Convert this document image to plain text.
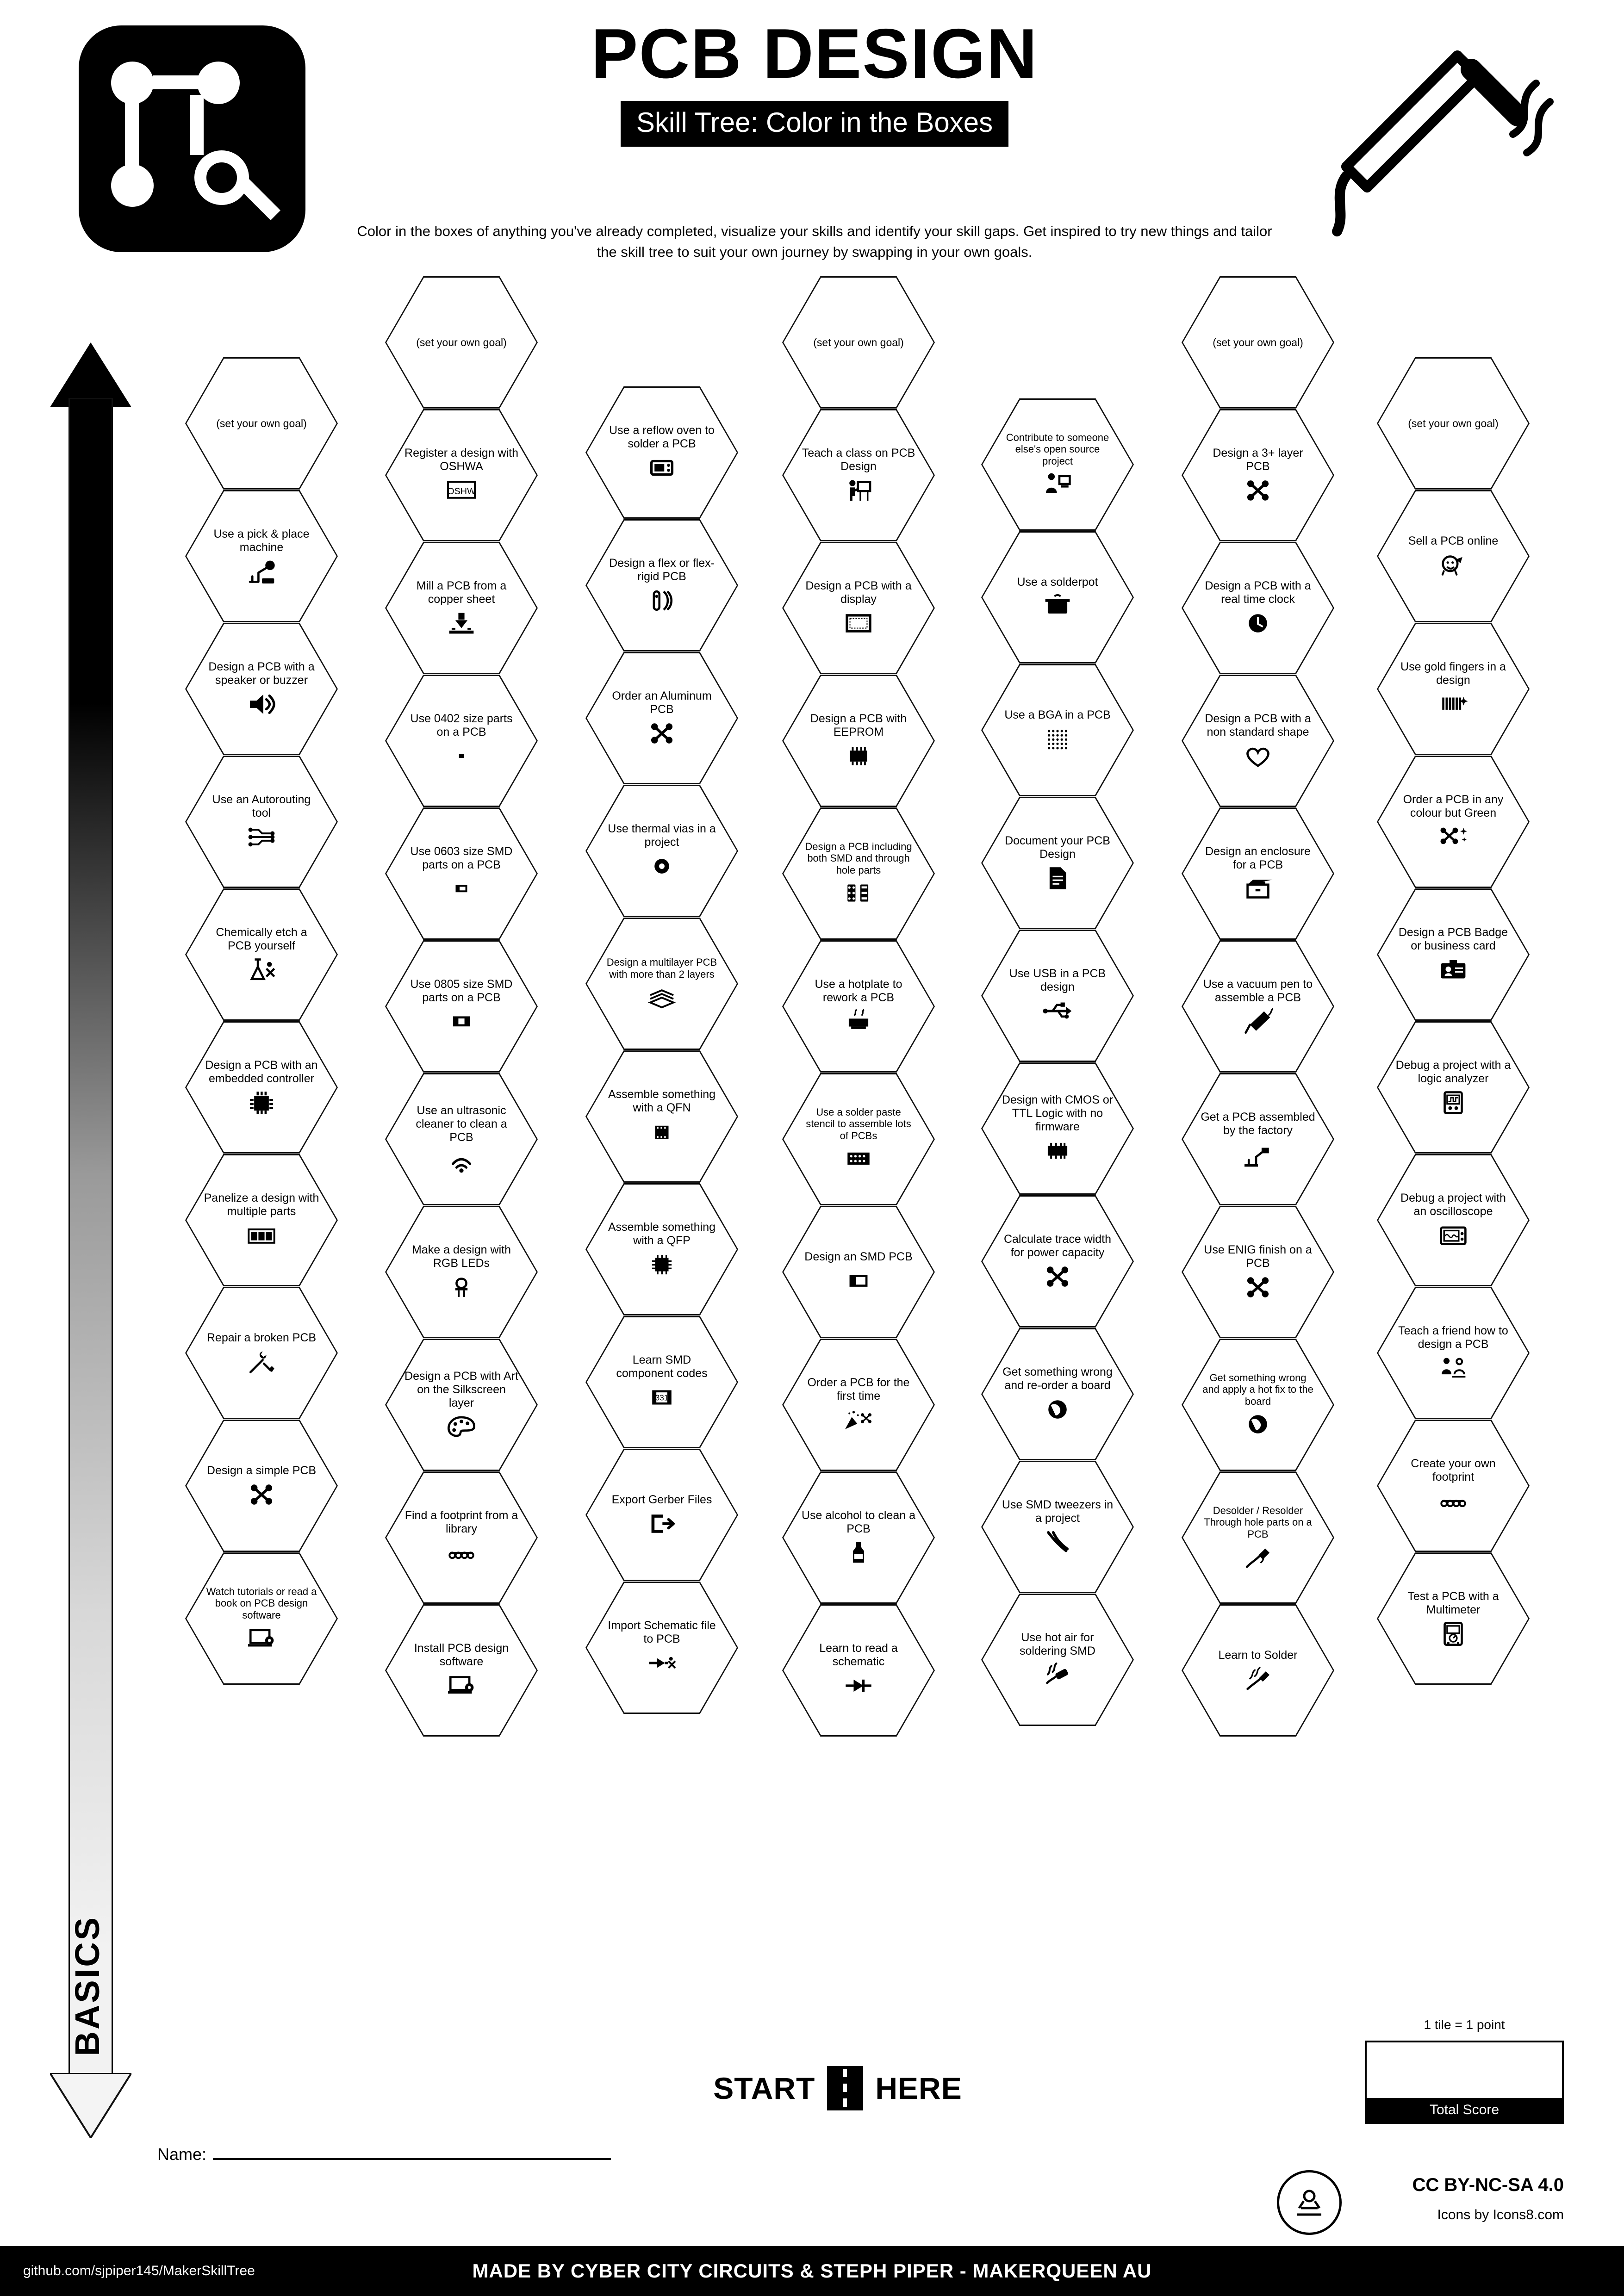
PCB DESIGN
Skill Tree: Color in the Boxes
Color in the boxes of anything you've already completed, visualize your skills and identify your skill gaps. Get inspired to try new things and tailor the skill tree to suit your own journey by swapping in your own goals.
ADVANCED
BASICS
(set your own goal)
Use a pick & place machine
Design a PCB with a speaker or buzzer
Use an Autorouting tool
Chemically etch a PCB yourself
Design a PCB with an embedded controller
Panelize a design with multiple parts
Repair a broken PCB
Design a simple PCB
Watch tutorials or read a book on PCB design software
(set your own goal)
Register a design with OSHWA
OSHW
Mill a PCB from a copper sheet
Use 0402 size parts on a PCB
Use 0603 size SMD parts on a PCB
Use 0805 size SMD parts on a PCB
Use an ultrasonic cleaner to clean a PCB
Make a design with RGB LEDs
Design a PCB with Art on the Silkscreen layer
Find a footprint from a library
Install PCB design software
Use a reflow oven to solder a PCB
Design a flex or flex-rigid PCB
Order an Aluminum PCB
Use thermal vias in a project
Design a multilayer PCB with more than 2 layers
Assemble something with a QFN
Assemble something with a QFP
Learn SMD component codes
331
Export Gerber Files
Import Schematic file to PCB
(set your own goal)
Teach a class on PCB Design
Design a PCB with a display
Design a PCB with EEPROM
Design a PCB including both SMD and through hole parts
Use a hotplate to rework a PCB
Use a solder paste stencil to assemble lots of PCBs
Design an SMD PCB
Order a PCB for the first time
Use alcohol to clean a PCB
Learn to read a schematic
Contribute to someone else's open source project
Use a solderpot
Use a BGA in a PCB
Document your PCB Design
Use USB in a PCB design
Design with CMOS or TTL Logic with no firmware
Calculate trace width for power capacity
Get something wrong and re-order a board
Use SMD tweezers in a project
Use hot air for soldering SMD
(set your own goal)
Design a 3+ layer PCB
Design a PCB with a real time clock
Design a PCB with a non standard shape
Design an enclosure for a PCB
Use a vacuum pen to assemble a PCB
Get a PCB assembled by the factory
Use ENIG finish on a PCB
Get something wrong and apply a hot fix to the board
Desolder / Resolder Through hole parts on a PCB
Learn to Solder
(set your own goal)
Sell a PCB online
Use gold fingers in a design
Order a PCB in any colour but Green
Design a PCB Badge or business card
Debug a project with a logic analyzer
Debug a project with an oscilloscope
Teach a friend how to design a PCB
Create your own footprint
Test a PCB with a Multimeter
START HERE
1 tile = 1 point
Total Score
Name:
CC BY-NC-SA 4.0
Icons by Icons8.com
MADE BY CYBER CITY CIRCUITS & STEPH PIPER - MAKERQUEEN AU
github.com/sjpiper145/MakerSkillTree
